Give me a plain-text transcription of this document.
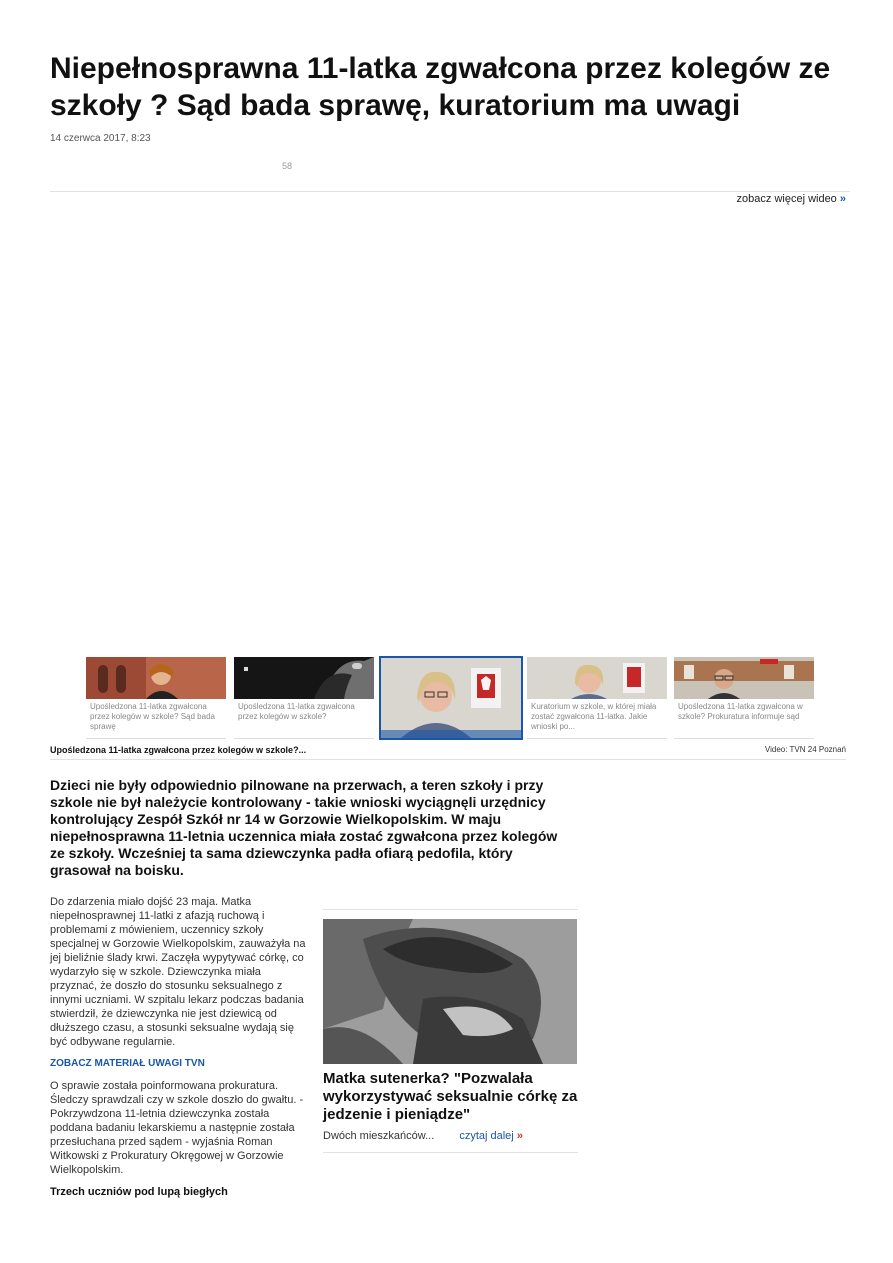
Niepełnosprawna 11-latka zgwałcona przez kolegów ze szkoły ? Sąd bada sprawę, kuratorium ma uwagi
14 czerwca 2017, 8:23
58
zobacz więcej wideo »
Upośledzona 11-latka zgwałcona przez kolegów w szkole? Sąd bada sprawę
Upośledzona 11-latka zgwałcona przez kolegów w szkole?
Kuratorium w szkole, w której miała zostać zgwałcona 11-latka. Jakie wnioski po...
Upośledzona 11-latka zgwałcona w szkole? Prokuratura informuje sąd
Upośledzona 11-latka zgwałcona przez kolegów w szkole?...	Video: TVN 24 Poznań
Dzieci nie były odpowiednio pilnowane na przerwach, a teren szkoły i przy szkole nie był należycie kontrolowany - takie wnioski wyciągnęli urzędnicy kontrolujący Zespół Szkół nr 14 w Gorzowie Wielkopolskim. W maju niepełnosprawna 11-letnia uczennica miała zostać zgwałcona przez kolegów ze szkoły. Wcześniej ta sama dziewczynka padła ofiarą pedofila, który grasował na boisku.

Do zdarzenia miało dojść 23 maja. Matka niepełnosprawnej 11-latki z afazją ruchową i problemami z mówieniem, uczennicy szkoły specjalnej w Gorzowie Wielkopolskim, zauważyła na jej bieliźnie ślady krwi. Zaczęła wypytywać córkę, co wydarzyło się w szkole. Dziewczynka miała przyznać, że doszło do stosunku seksualnego z innymi uczniami. W szpitalu lekarz podczas badania stwierdził, że dziewczynka nie jest dziewicą od dłuższego czasu, a stosunki seksualne wydają się być odbywane regularnie.

ZOBACZ MATERIAŁ UWAGI TVN

O sprawie została poinformowana prokuratura. Śledczy sprawdzali czy w szkole doszło do gwałtu. - Pokrzywdzona 11-letnia dziewczynka została poddana badaniu lekarskiemu a następnie została przesłuchana przed sądem - wyjaśnia Roman Witkowski z Prokuratury Okręgowej w Gorzowie Wielkopolskim.

Trzech uczniów pod lupą biegłych
Matka sutenerka? "Pozwalała wykorzystywać seksualnie córkę za jedzenie i pieniądze"
Dwóch mieszkańców... czytaj dalej »
